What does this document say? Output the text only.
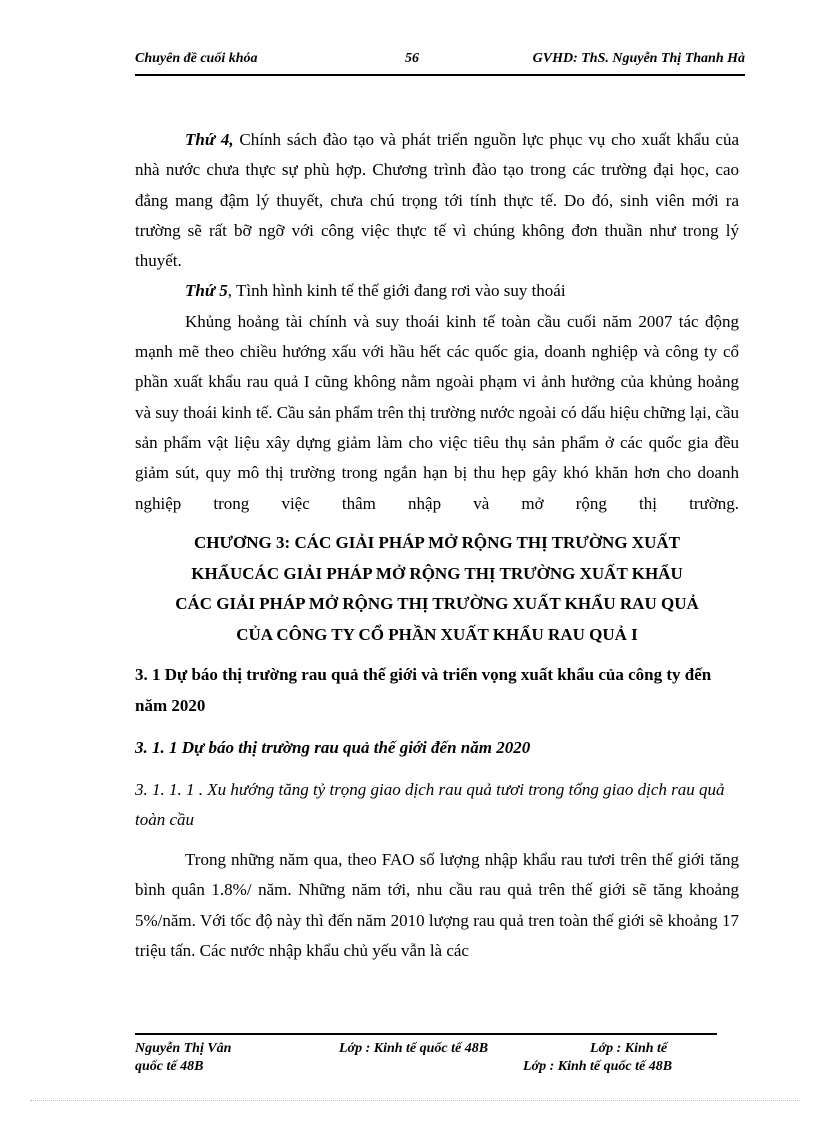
Chuyên đề cuối khóa	56	GVHD: ThS. Nguyễn Thị Thanh Hà

Thứ 4, Chính sách đào tạo và phát triển nguồn lực phục vụ cho xuất khẩu của nhà nước chưa thực sự phù hợp. Chương trình đào tạo trong các trường đại học, cao đẳng mang đậm lý thuyết, chưa chú trọng tới tính thực tế. Do đó, sinh viên mới ra trường sẽ rất bỡ ngỡ với công việc thực tế vì chúng không đơn thuần như trong lý thuyết.

Thứ 5, Tình hình kinh tế thế giới đang rơi vào suy thoái

Khủng hoảng tài chính và suy thoái kinh tế toàn cầu cuối năm 2007 tác động mạnh mẽ theo chiều hướng xấu với hầu hết các quốc gia, doanh nghiệp và công ty cổ phần xuất khẩu rau quả I cũng không nằm ngoài phạm vi ảnh hưởng của khủng hoảng và suy thoái kinh tế. Cầu sản phẩm trên thị trường nước ngoài có dấu hiệu chững lại, cầu sản phẩm vật liệu xây dựng giảm làm cho việc tiêu thụ sản phẩm ở các quốc gia đều giảm sút, quy mô thị trường trong ngắn hạn bị thu hẹp gây khó khăn hơn cho doanh nghiệp trong việc thâm nhập và mở rộng thị trường.

CHƯƠNG 3: CÁC GIẢI PHÁP MỞ RỘNG THỊ TRƯỜNG XUẤT
KHẨUCÁC GIẢI PHÁP MỞ RỘNG THỊ TRƯỜNG XUẤT KHẨU
CÁC GIẢI PHÁP MỞ RỘNG THỊ TRƯỜNG XUẤT KHẨU RAU QUẢ
CỦA CÔNG TY CỔ PHẦN XUẤT KHẨU RAU QUẢ I

3. 1 Dự báo thị trường rau quả thế giới và triển vọng xuất khẩu của công ty đến năm 2020

3. 1. 1 Dự báo thị trường rau quả thế giới đến năm 2020

3. 1. 1. 1 . Xu hướng tăng tỷ trọng giao dịch rau quả tươi trong tổng giao dịch rau quả toàn cầu

Trong những năm qua, theo FAO số lượng nhập khẩu rau tươi trên thế giới tăng bình quân 1.8%/ năm. Những năm tới, nhu cầu rau quả trên thế giới sẽ tăng khoảng 5%/năm. Với tốc độ này thì đến năm 2010 lượng rau quả tren toàn thế giới sẽ khoảng 17 triệu tấn. Các nước nhập khẩu chủ yếu vẫn là các

Nguyễn Thị Vân	Lớp : Kinh tế quốc tế 48B	Lớp : Kinh tế
quốc tế 48B	Lớp : Kinh tế quốc tế 48B
